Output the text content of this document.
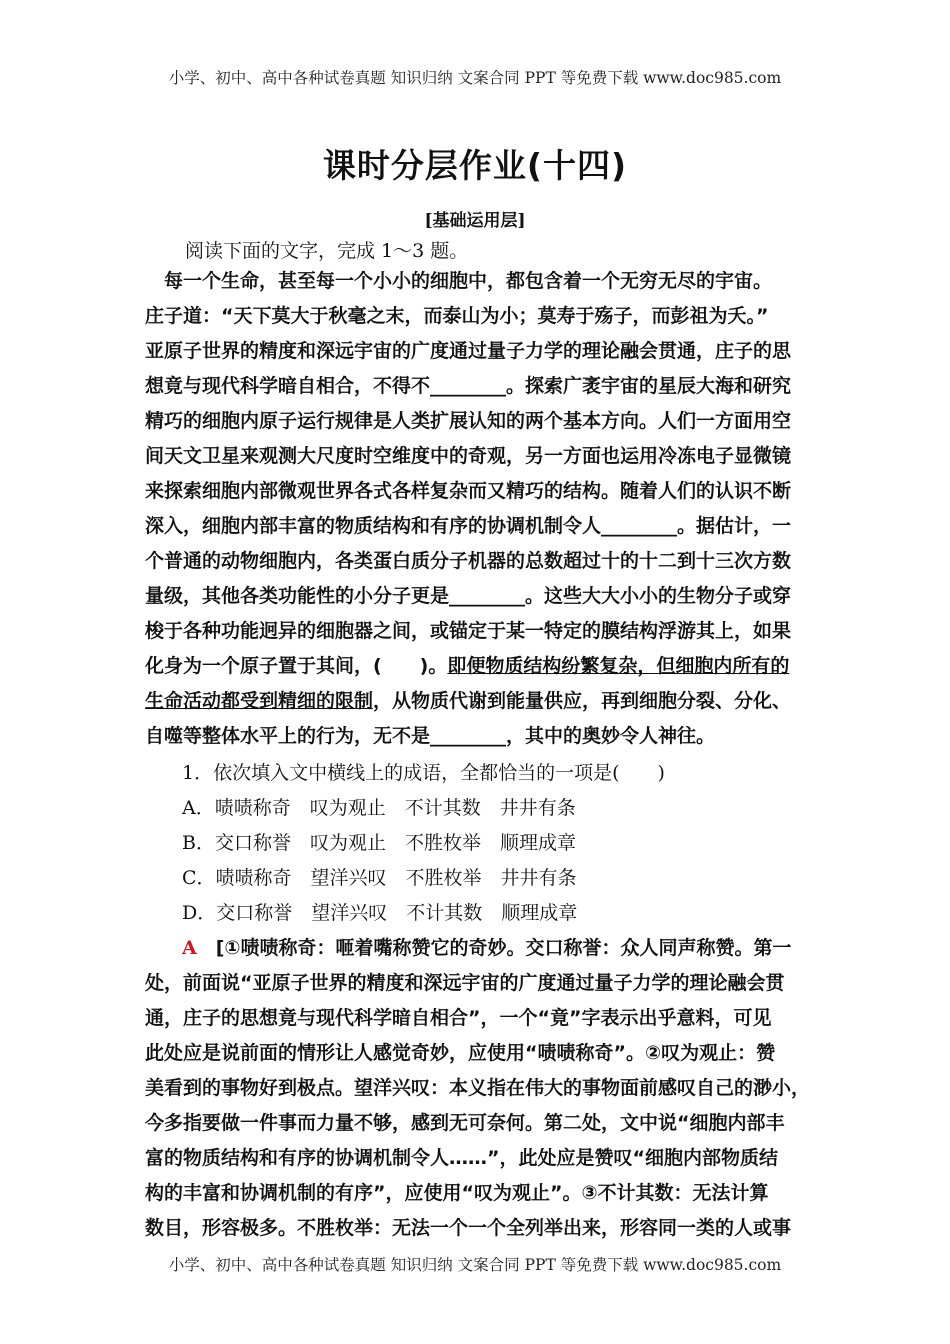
小学、初中、高中各种试卷真题 知识归纳 文案合同 PPT 等免费下载 www.doc985.com
课时分层作业(十四)
[基础运用层]
阅读下面的文字，完成 1～3 题。
　每一个生命，甚至每一个小小的细胞中，都包含着一个无穷无尽的宇宙。
庄子道：“天下莫大于秋毫之末，而泰山为小；莫寿于殇子，而彭祖为夭。”
亚原子世界的精度和深远宇宙的广度通过量子力学的理论融会贯通，庄子的思
想竟与现代科学暗自相合，不得不________。探索广袤宇宙的星辰大海和研究
精巧的细胞内原子运行规律是人类扩展认知的两个基本方向。人们一方面用空
间天文卫星来观测大尺度时空维度中的奇观，另一方面也运用冷冻电子显微镜
来探索细胞内部微观世界各式各样复杂而又精巧的结构。随着人们的认识不断
深入，细胞内部丰富的物质结构和有序的协调机制令人________。据估计，一
个普通的动物细胞内，各类蛋白质分子机器的总数超过十的十二到十三次方数
量级，其他各类功能性的小分子更是________。这些大大小小的生物分子或穿
梭于各种功能迥异的细胞器之间，或锚定于某一特定的膜结构浮游其上，如果
化身为一个原子置于其间，(　　)。即便物质结构纷繁复杂，但细胞内所有的
生命活动都受到精细的限制，从物质代谢到能量供应，再到细胞分裂、分化、
自噬等整体水平上的行为，无不是________，其中的奥妙令人神往。
1．依次填入文中横线上的成语，全都恰当的一项是(　　)
A．啧啧称奇　叹为观止　不计其数　井井有条
B．交口称誉　叹为观止　不胜枚举　顺理成章
C．啧啧称奇　望洋兴叹　不胜枚举　井井有条
D．交口称誉　望洋兴叹　不计其数　顺理成章
A　[①啧啧称奇：咂着嘴称赞它的奇妙。交口称誉：众人同声称赞。第一
处，前面说“亚原子世界的精度和深远宇宙的广度通过量子力学的理论融会贯
通，庄子的思想竟与现代科学暗自相合”，一个“竟”字表示出乎意料，可见
此处应是说前面的情形让人感觉奇妙，应使用“啧啧称奇”。②叹为观止：赞
美看到的事物好到极点。望洋兴叹：本义指在伟大的事物面前感叹自己的渺小，
今多指要做一件事而力量不够，感到无可奈何。第二处，文中说“细胞内部丰
富的物质结构和有序的协调机制令人……”，此处应是赞叹“细胞内部物质结
构的丰富和协调机制的有序”，应使用“叹为观止”。③不计其数：无法计算
数目，形容极多。不胜枚举：无法一个一个全列举出来，形容同一类的人或事
小学、初中、高中各种试卷真题 知识归纳 文案合同 PPT 等免费下载 www.doc985.com
